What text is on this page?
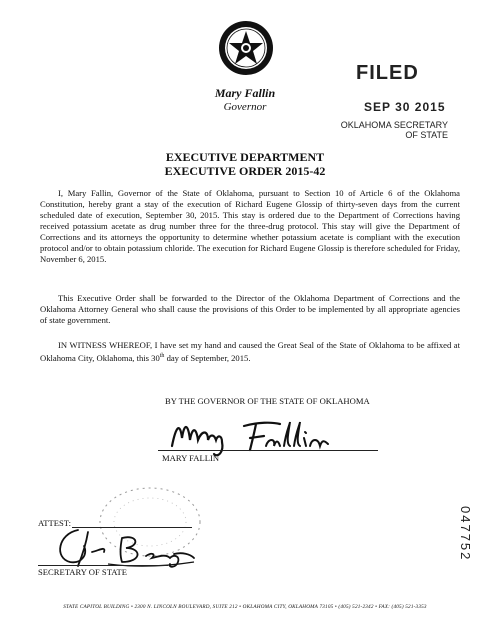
Mary Fallin
Governor
FILED
SEP 30 2015
OKLAHOMA SECRETARY
OF STATE
EXECUTIVE DEPARTMENT
EXECUTIVE ORDER 2015-42
I, Mary Fallin, Governor of the State of Oklahoma, pursuant to Section 10 of Article 6 of the Oklahoma Constitution, hereby grant a stay of the execution of Richard Eugene Glossip of thirty-seven days from the current scheduled date of execution, September 30, 2015. This stay is ordered due to the Department of Corrections having received potassium acetate as drug number three for the three-drug protocol. This stay will give the Department of Corrections and its attorneys the opportunity to determine whether potassium acetate is compliant with the execution protocol and/or to obtain potassium chloride. The execution for Richard Eugene Glossip is therefore scheduled for Friday, November 6, 2015.
This Executive Order shall be forwarded to the Director of the Oklahoma Department of Corrections and the Oklahoma Attorney General who shall cause the provisions of this Order to be implemented by all appropriate agencies of state government.
IN WITNESS WHEREOF, I have set my hand and caused the Great Seal of the State of Oklahoma to be affixed at Oklahoma City, Oklahoma, this 30th day of September, 2015.
BY THE GOVERNOR OF THE STATE OF OKLAHOMA
MARY FALLIN
ATTEST:
SECRETARY OF STATE
047752
STATE CAPITOL BUILDING • 2300 N. LINCOLN BOULEVARD, SUITE 212 • OKLAHOMA CITY, OKLAHOMA 73105 • (405) 521-2342 • FAX: (405) 521-3353
